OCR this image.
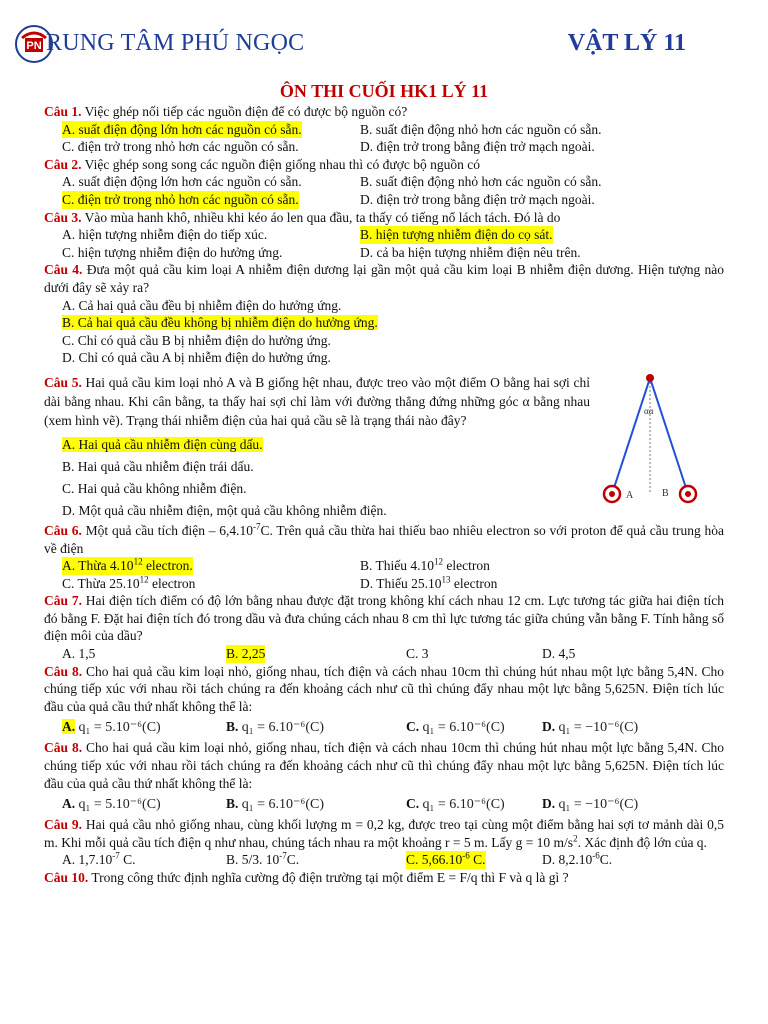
PN RUNG TÂM PHÚ NGỌC	VẬT LÝ 11
ÔN THI CUỐI HK1 LÝ 11
Câu 1. Việc ghép nối tiếp các nguồn điện để có được bộ nguồn có?
A. suất điện động lớn hơn các nguồn có sẵn.	B. suất điện động nhỏ hơn các nguồn có sẵn.
C. điện trở trong nhỏ hơn các nguồn có sẵn.	D. điện trở trong bằng điện trở mạch ngoài.
Câu 2. Việc ghép song song các nguồn điện giống nhau thì có được bộ nguồn có
A. suất điện động lớn hơn các nguồn có sẵn.	B. suất điện động nhỏ hơn các nguồn có sẵn.
C. điện trở trong nhỏ hơn các nguồn có sẵn.	D. điện trở trong bằng điện trở mạch ngoài.
Câu 3. Vào mùa hanh khô, nhiều khi kéo áo len qua đầu, ta thấy có tiếng nổ lách tách. Đó là do
A. hiện tượng nhiễm điện do tiếp xúc.	B. hiện tượng nhiễm điện do cọ sát.
C. hiện tượng nhiễm điện do hưởng ứng.	D. cả ba hiện tượng nhiễm điện nêu trên.
Câu 4. Đưa một quả cầu kim loại A nhiễm điện dương lại gần một quả cầu kim loại B nhiễm điện dương. Hiện tượng nào dưới đây sẽ xảy ra?
A. Cả hai quả cầu đều bị nhiễm điện do hưởng ứng.
B. Cả hai quả cầu đều không bị nhiễm điện do hưởng ứng.
C. Chỉ có quả cầu B bị nhiễm điện do hưởng ứng.
D. Chỉ có quả cầu A bị nhiễm điện do hưởng ứng.
Câu 5. Hai quả cầu kim loại nhỏ A và B giống hệt nhau, được treo vào một điểm O bằng hai sợi chỉ dài bằng nhau. Khi cân bằng, ta thấy hai sợi chỉ làm với đường thẳng đứng những góc α bằng nhau (xem hình vẽ). Trạng thái nhiễm điện của hai quả cầu sẽ là trạng thái nào đây?
A. Hai quả cầu nhiễm điện cùng dấu.
B. Hai quả cầu nhiễm điện trái dấu.
C. Hai quả cầu không nhiễm điện.
D. Một quả cầu nhiễm điện, một quả cầu không nhiễm điện.
Câu 6. Một quả cầu tích điện – $6,4.10^{-7}C$. Trên quả cầu thừa hai thiếu bao nhiêu electron so với proton để quả cầu trung hòa về điện
A. Thừa 4.10$^{12}$ electron.	B. Thiếu 4.10$^{12}$ electron
C. Thừa 25.10$^{12}$ electron	D. Thiếu 25.10$^{13}$ electron
Câu 7. Hai điện tích điểm có độ lớn bằng nhau được đặt trong không khí cách nhau 12 cm. Lực tương tác giữa hai điện tích đó bằng F. Đặt hai điện tích đó trong dầu và đưa chúng cách nhau 8 cm thì lực tương tác giữa chúng vẫn bằng F. Tính hằng số điện môi của dầu?
A. 1,5	B. 2,25	C. 3	D. 4,5
Câu 8. Cho hai quả cầu kim loại nhỏ, giống nhau, tích điện và cách nhau 10cm thì chúng hút nhau một lực bằng 5,4N. Cho chúng tiếp xúc với nhau rồi tách chúng ra đến khoảng cách như cũ thì chúng đẩy nhau một lực bằng 5,625N. Điện tích lúc đầu của quả cầu thứ nhất không thể là:
A. q₁ = 5.10⁻⁶(C)	B. q₁ = 6.10⁻⁶(C)	C. q₁ = 6.10⁻⁶(C)	D. q₁ = −10⁻⁶(C)
Câu 8. Cho hai quả cầu kim loại nhỏ, giống nhau, tích điện và cách nhau 10cm thì chúng hút nhau một lực bằng 5,4N. Cho chúng tiếp xúc với nhau rồi tách chúng ra đến khoảng cách như cũ thì chúng đẩy nhau một lực bằng 5,625N. Điện tích lúc đầu của quả cầu thứ nhất không thể là:
A. q₁ = 5.10⁻⁶(C)	B. q₁ = 6.10⁻⁶(C)	C. q₁ = 6.10⁻⁶(C)	D. q₁ = −10⁻⁶(C)
Câu 9. Hai quả cầu nhỏ giống nhau, cùng khối lượng m = 0,2 kg, được treo tại cùng một điểm bằng hai sợi tơ mảnh dài 0,5 m. Khi mỗi quả cầu tích điện q như nhau, chúng tách nhau ra một khoảng r = 5 m. Lấy g = 10 $m/s^2$. Xác định độ lớn của q.
A. $1,7.10^{-7}$ C.	B. 5/3. $10^{-7}C$.	C. $5,66.10^{-6}$ C.	D. $8,2.10^{-6}C$.
Câu 10. Trong công thức định nghĩa cường độ điện trường tại một điểm E = F/q thì F và q là gì ?
αα
A	B
